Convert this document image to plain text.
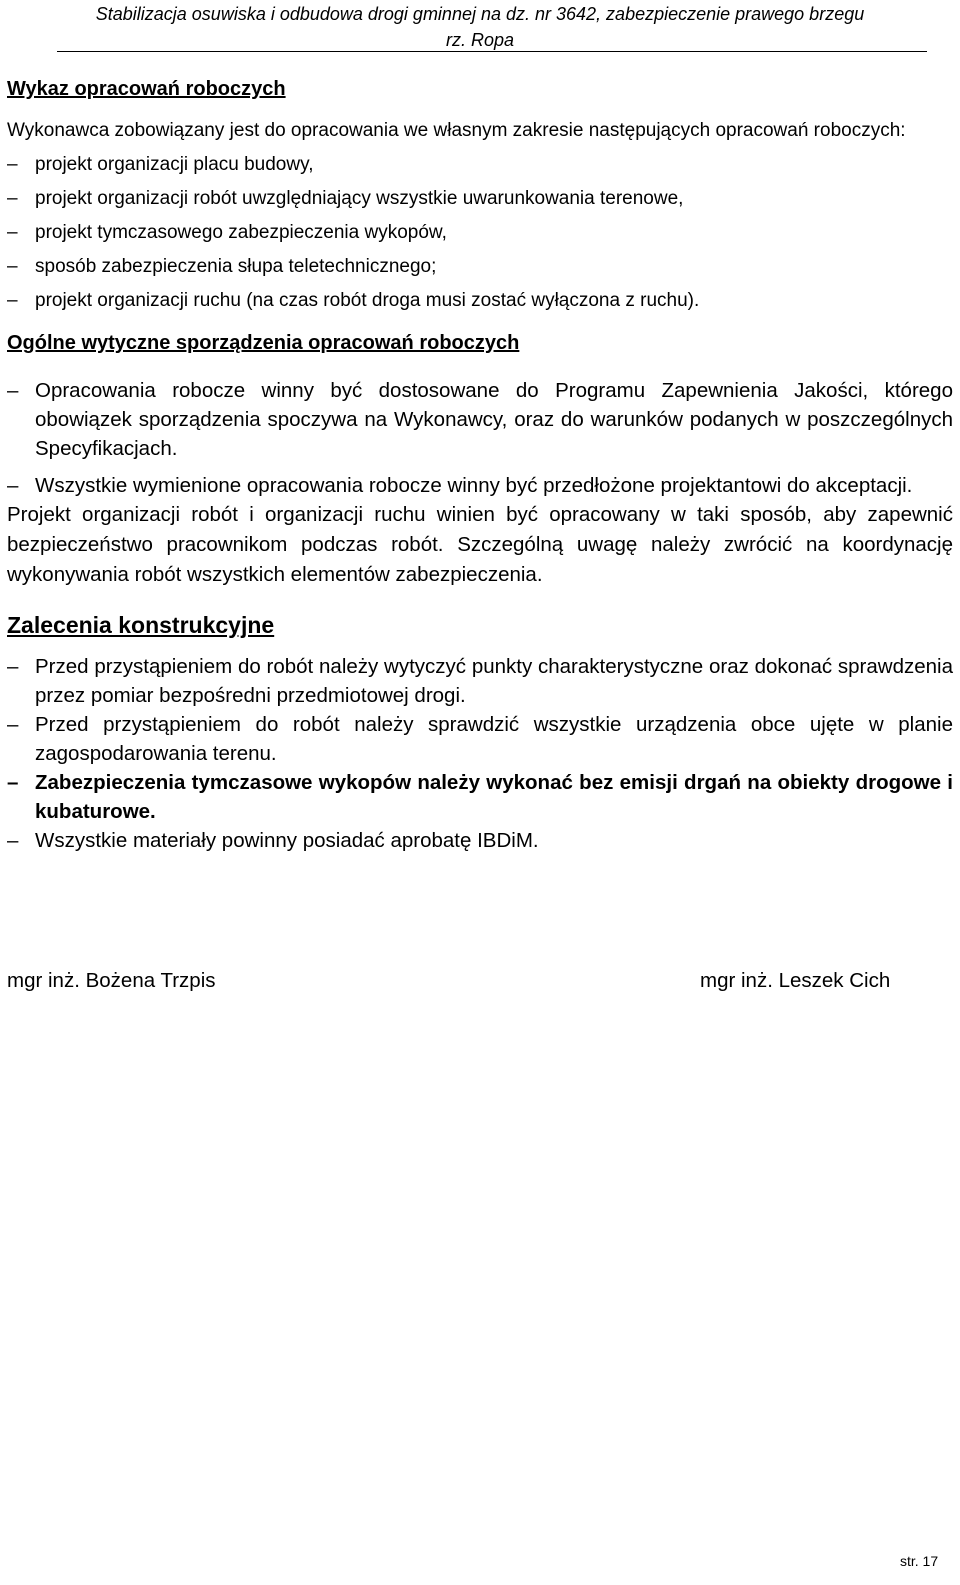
Stabilizacja osuwiska i odbudowa drogi gminnej na dz. nr 3642, zabezpieczenie prawego brzegu

rz. Ropa

Wykaz opracowań roboczych

Wykonawca zobowiązany jest do opracowania we własnym zakresie następujących opracowań roboczych:

– projekt organizacji placu budowy,
– projekt organizacji robót uwzględniający wszystkie uwarunkowania terenowe,
– projekt tymczasowego zabezpieczenia wykopów,
– sposób zabezpieczenia słupa teletechnicznego;
– projekt organizacji ruchu (na czas robót droga musi zostać wyłączona z ruchu).
Ogólne wytyczne sporządzenia opracowań roboczych
– Opracowania robocze winny być dostosowane do Programu Zapewnienia Jakości, którego obowiązek sporządzenia spoczywa na Wykonawcy, oraz do warunków podanych w poszczególnych Specyfikacjach.
– Wszystkie wymienione opracowania robocze winny być przedłożone projektantowi do akceptacji.

Projekt organizacji robót i organizacji ruchu winien być opracowany w taki sposób, aby zapewnić bezpieczeństwo pracownikom podczas robót. Szczególną uwagę należy zwrócić na koordynację wykonywania robót wszystkich elementów zabezpieczenia.

Zalecenia konstrukcyjne
– Przed przystąpieniem do robót należy wytyczyć punkty charakterystyczne oraz dokonać sprawdzenia przez pomiar bezpośredni przedmiotowej drogi.
– Przed przystąpieniem do robót należy sprawdzić wszystkie urządzenia obce ujęte w planie zagospodarowania terenu.
– Zabezpieczenia tymczasowe wykopów należy wykonać bez emisji drgań na obiekty drogowe i kubaturowe.
– Wszystkie materiały powinny posiadać aprobatę IBDiM.
mgr inż. Bożena Trzpis	mgr inż. Leszek Cich
str. 17
